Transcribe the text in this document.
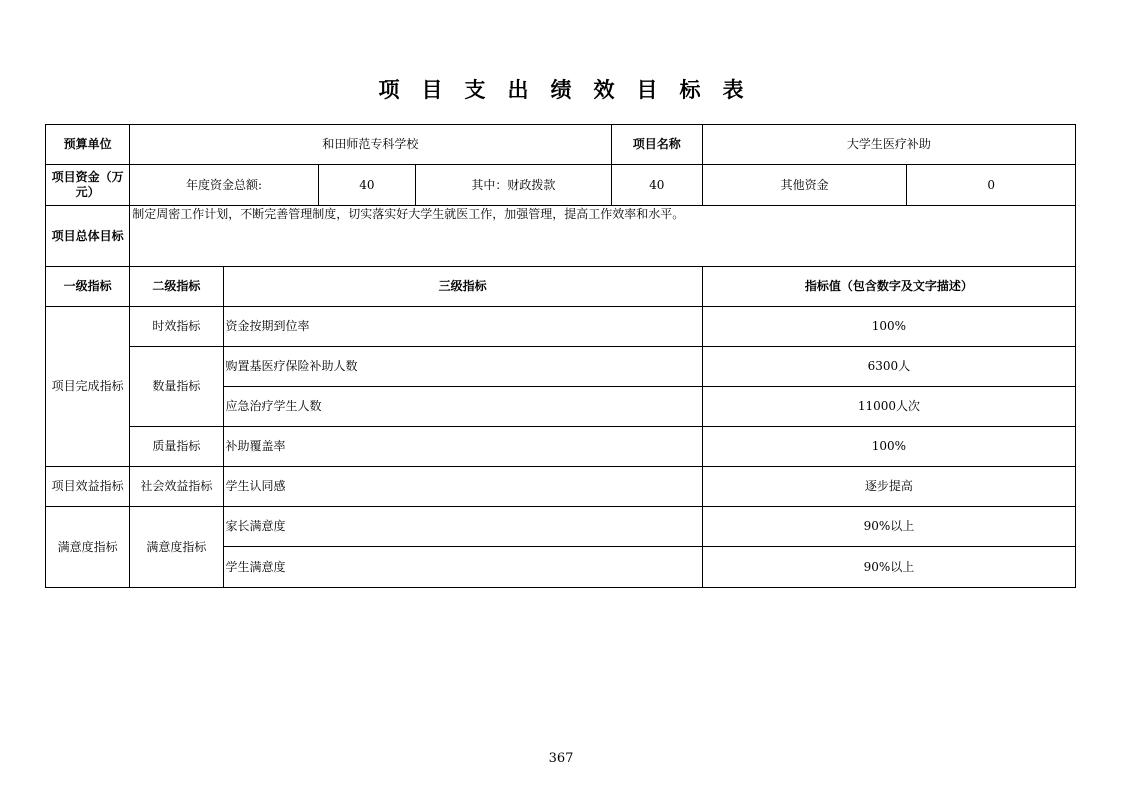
项目支出绩效目标表
预算单位	和田师范专科学校				项目名称	大学生医疗补助	
项目资金（万元）	年度资金总额:		40	其中：财政拨款	40	其他资金	0
项目总体目标	制定周密工作计划，不断完善管理制度，切实落实好大学生就医工作，加强管理，提高工作效率和水平。						
一级指标	二级指标	三级指标				指标值（包含数字及文字描述）	
项目完成指标	时效指标	资金按期到位率				100%	
	数量指标	购置基医疗保险补助人数				6300人	
		应急治疗学生人数				11000人次	
	质量指标	补助覆盖率				100%	
项目效益指标	社会效益指标	学生认同感				逐步提高	
满意度指标	满意度指标	家长满意度				90%以上	
		学生满意度				90%以上	
367
